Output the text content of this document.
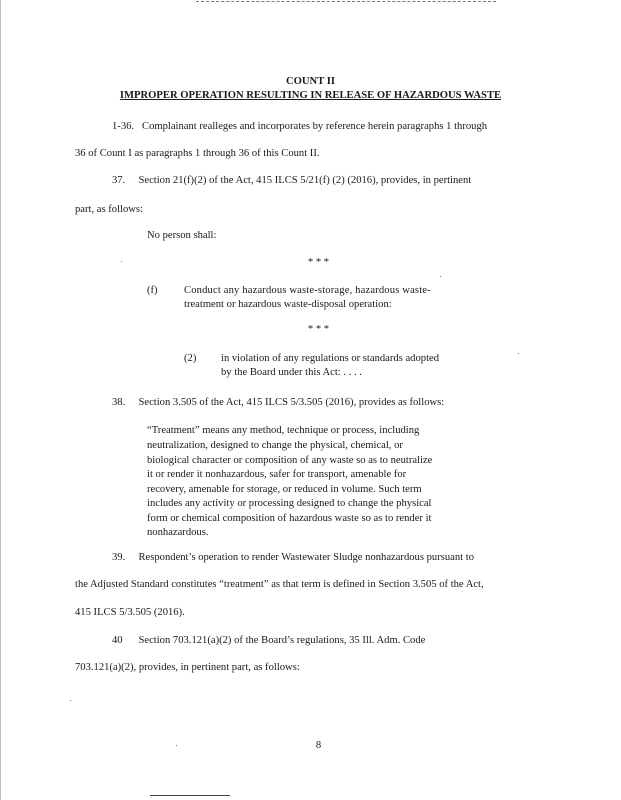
COUNT II
IMPROPER OPERATION RESULTING IN RELEASE OF HAZARDOUS WASTE
1-36.   Complainant realleges and incorporates by reference herein paragraphs 1 through
36 of Count I as paragraphs 1 through 36 of this Count II.
37.     Section 21(f)(2) of the Act, 415 ILCS 5/21(f) (2) (2016), provides, in pertinent
part, as follows:
No person shall:
* * *
(f) Conduct any hazardous waste-storage, hazardous waste-
treatment or hazardous waste-disposal operation:
* * *
(2) in violation of any regulations or standards adopted
by the Board under this Act: . . . .
38.     Section 3.505 of the Act, 415 ILCS 5/3.505 (2016), provides as follows:
“Treatment” means any method, technique or process, including
neutralization, designed to change the physical, chemical, or
biological character or composition of any waste so as to neutralize
it or render it nonhazardous, safer for transport, amenable for
recovery, amenable for storage, or reduced in volume. Such term
includes any activity or processing designed to change the physical
form or chemical composition of hazardous waste so as to render it
nonhazardous.
39.     Respondent’s operation to render Wastewater Sludge nonhazardous pursuant to
the Adjusted Standard constitutes “treatment” as that term is defined in Section 3.505 of the Act,
415 ILCS 5/3.505 (2016).
40      Section 703.121(a)(2) of the Board’s regulations, 35 Ill. Adm. Code
703.121(a)(2), provides, in pertinent part, as follows:
8
